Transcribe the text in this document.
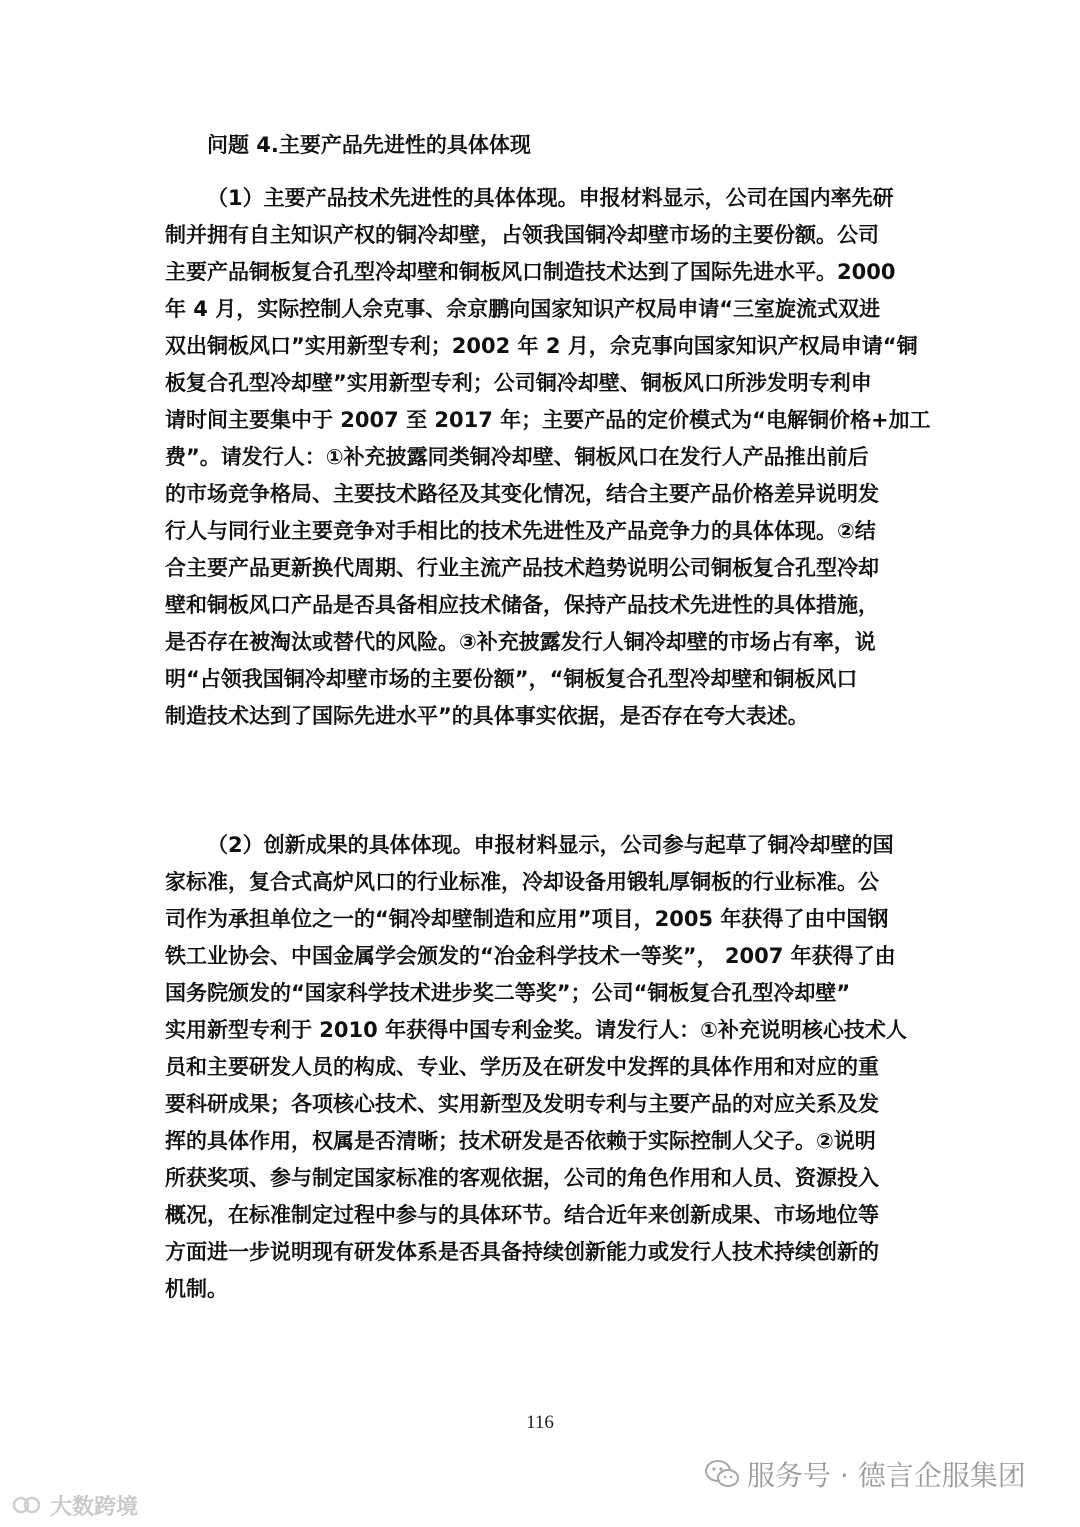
问题 4.主要产品先进性的具体体现
（1）主要产品技术先进性的具体体现。申报材料显示，公司在国内率先研
制并拥有自主知识产权的铜冷却壁，占领我国铜冷却壁市场的主要份额。公司
主要产品铜板复合孔型冷却壁和铜板风口制造技术达到了国际先进水平。2000
年 4 月，实际控制人佘克事、佘京鹏向国家知识产权局申请“三室旋流式双进
双出铜板风口”实用新型专利；2002 年 2 月，佘克事向国家知识产权局申请“铜
板复合孔型冷却壁”实用新型专利；公司铜冷却壁、铜板风口所涉发明专利申
请时间主要集中于 2007 至 2017 年；主要产品的定价模式为“电解铜价格+加工
费”。请发行人：①补充披露同类铜冷却壁、铜板风口在发行人产品推出前后
的市场竞争格局、主要技术路径及其变化情况，结合主要产品价格差异说明发
行人与同行业主要竞争对手相比的技术先进性及产品竞争力的具体体现。②结
合主要产品更新换代周期、行业主流产品技术趋势说明公司铜板复合孔型冷却
壁和铜板风口产品是否具备相应技术储备，保持产品技术先进性的具体措施，
是否存在被淘汰或替代的风险。③补充披露发行人铜冷却壁的市场占有率，说
明“占领我国铜冷却壁市场的主要份额”，“铜板复合孔型冷却壁和铜板风口
制造技术达到了国际先进水平”的具体事实依据，是否存在夸大表述。
（2）创新成果的具体体现。申报材料显示，公司参与起草了铜冷却壁的国
家标准，复合式高炉风口的行业标准，冷却设备用锻轧厚铜板的行业标准。公
司作为承担单位之一的“铜冷却壁制造和应用”项目，2005 年获得了由中国钢
铁工业协会、中国金属学会颁发的“冶金科学技术一等奖”， 2007 年获得了由
国务院颁发的“国家科学技术进步奖二等奖”；公司“铜板复合孔型冷却壁”
实用新型专利于 2010 年获得中国专利金奖。请发行人：①补充说明核心技术人
员和主要研发人员的构成、专业、学历及在研发中发挥的具体作用和对应的重
要科研成果；各项核心技术、实用新型及发明专利与主要产品的对应关系及发
挥的具体作用，权属是否清晰；技术研发是否依赖于实际控制人父子。②说明
所获奖项、参与制定国家标准的客观依据，公司的角色作用和人员、资源投入
概况，在标准制定过程中参与的具体环节。结合近年来创新成果、市场地位等
方面进一步说明现有研发体系是否具备持续创新能力或发行人技术持续创新的
机制。
116
服务号 · 德言企服集团
大数跨境
